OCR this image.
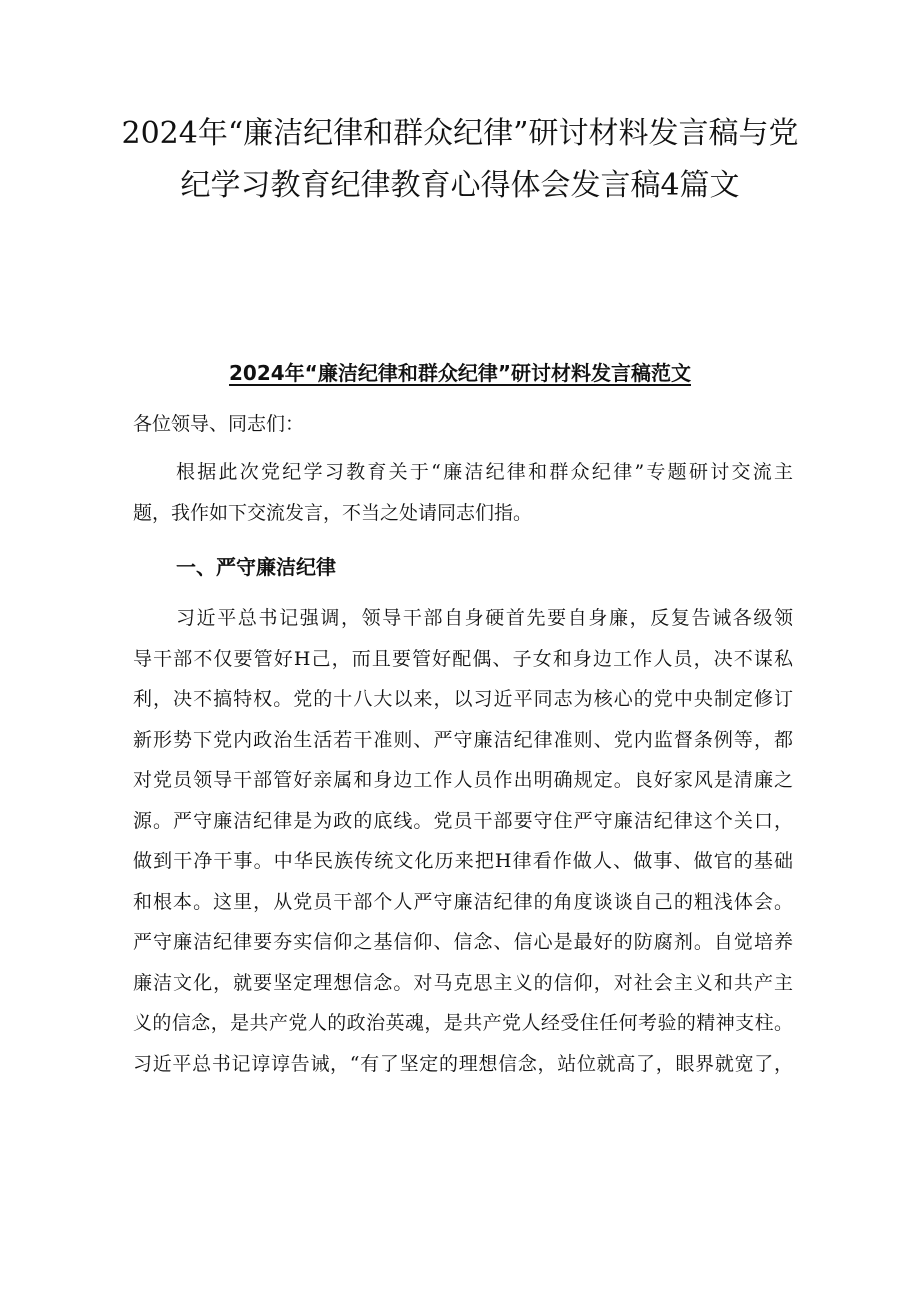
2024年“廉洁纪律和群众纪律”研讨材料发言稿与党
纪学习教育纪律教育心得体会发言稿4篇文
2024年“廉洁纪律和群众纪律”研讨材料发言稿范文

各位领导、同志们：

根据此次党纪学习教育关于“廉洁纪律和群众纪律”专题研讨交流主
题，我作如下交流发言，不当之处请同志们指。
一、严守廉洁纪律
习近平总书记强调，领导干部自身硬首先要自身廉，反复告诫各级领
导干部不仅要管好H己，而且要管好配偶、子女和身边工作人员，决不谋私
利，决不搞特权。党的十八大以来，以习近平同志为核心的党中央制定修订
新形势下党内政治生活若干准则、严守廉洁纪律准则、党内监督条例等，都
对党员领导干部管好亲属和身边工作人员作出明确规定。良好家风是清廉之
源。严守廉洁纪律是为政的底线。党员干部要守住严守廉洁纪律这个关口，
做到干净干事。中华民族传统文化历来把H律看作做人、做事、做官的基础
和根本。这里，从党员干部个人严守廉洁纪律的角度谈谈自己的粗浅体会。
严守廉洁纪律要夯实信仰之基信仰、信念、信心是最好的防腐剂。自觉培养
廉洁文化，就要坚定理想信念。对马克思主义的信仰，对社会主义和共产主
义的信念，是共产党人的政治英魂，是共产党人经受住任何考验的精神支柱。
习近平总书记谆谆告诫，“有了坚定的理想信念，站位就高了，眼界就宽了，
